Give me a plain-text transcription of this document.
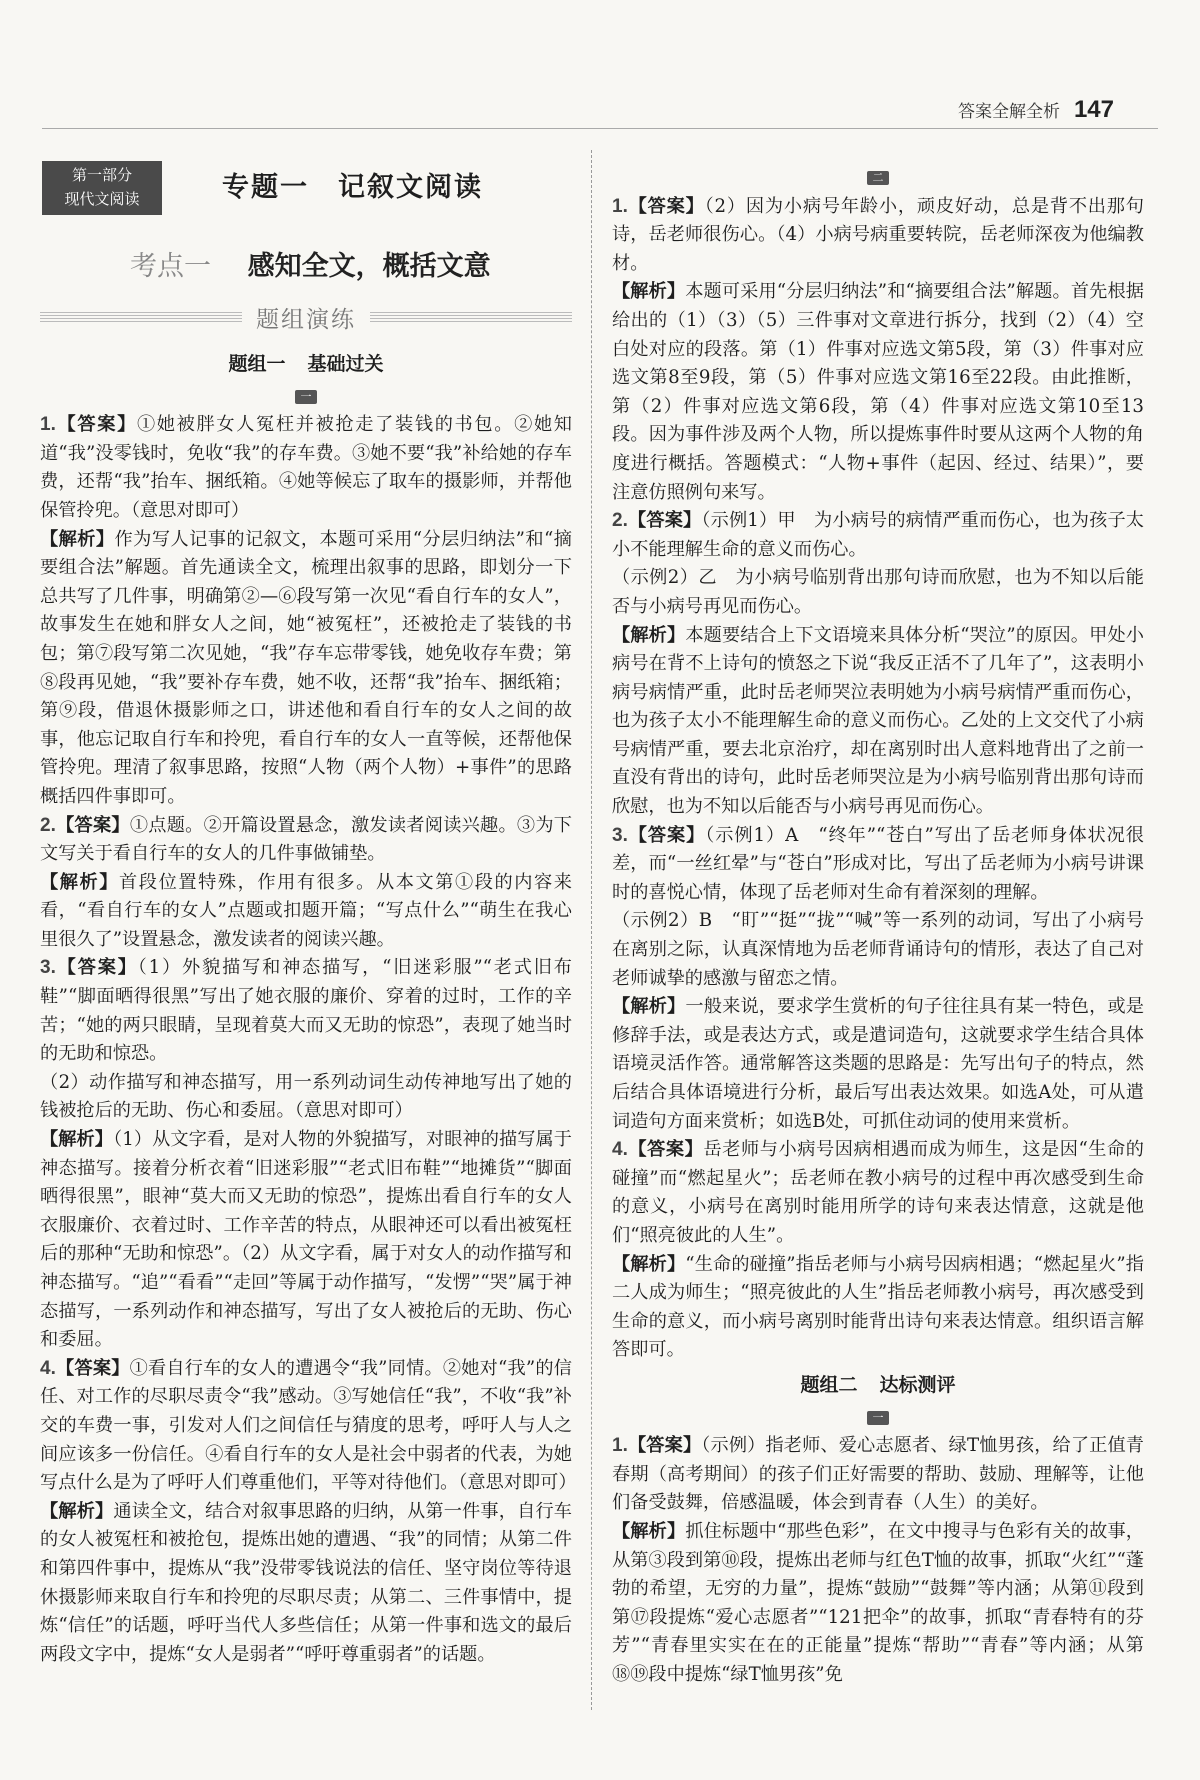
答案全解全析 147
第一部分
现代文阅读	专题一　记叙文阅读
考点一 感知全文，概括文意
题组演练
题组一 基础过关
一

1.【答案】①她被胖女人冤枉并被抢走了装钱的书包。②她知道“我”没零钱时，免收“我”的存车费。③她不要“我”补给她的存车费，还帮“我”抬车、捆纸箱。④她等候忘了取车的摄影师，并帮他保管拎兜。（意思对即可）

【解析】作为写人记事的记叙文，本题可采用“分层归纳法”和“摘要组合法”解题。首先通读全文，梳理出叙事的思路，即划分一下总共写了几件事，明确第②—⑥段写第一次见“看自行车的女人”，故事发生在她和胖女人之间，她“被冤枉”，还被抢走了装钱的书包；第⑦段写第二次见她，“我”存车忘带零钱，她免收存车费；第⑧段再见她，“我”要补存车费，她不收，还帮“我”抬车、捆纸箱；第⑨段，借退休摄影师之口，讲述他和看自行车的女人之间的故事，他忘记取自行车和拎兜，看自行车的女人一直等候，还帮他保管拎兜。理清了叙事思路，按照“人物（两个人物）+事件”的思路概括四件事即可。

2.【答案】①点题。②开篇设置悬念，激发读者阅读兴趣。③为下文写关于看自行车的女人的几件事做铺垫。

【解析】首段位置特殊，作用有很多。从本文第①段的内容来看，“看自行车的女人”点题或扣题开篇；“写点什么”“萌生在我心里很久了”设置悬念，激发读者的阅读兴趣。

3.【答案】（1）外貌描写和神态描写，“旧迷彩服”“老式旧布鞋”“脚面晒得很黑”写出了她衣服的廉价、穿着的过时，工作的辛苦；“她的两只眼睛，呈现着莫大而又无助的惊恐”，表现了她当时的无助和惊恐。

（2）动作描写和神态描写，用一系列动词生动传神地写出了她的钱被抢后的无助、伤心和委屈。（意思对即可）

【解析】（1）从文字看，是对人物的外貌描写，对眼神的描写属于神态描写。接着分析衣着“旧迷彩服”“老式旧布鞋”“地摊货”“脚面晒得很黑”，眼神“莫大而又无助的惊恐”，提炼出看自行车的女人衣服廉价、衣着过时、工作辛苦的特点，从眼神还可以看出被冤枉后的那种“无助和惊恐”。（2）从文字看，属于对女人的动作描写和神态描写。“追”“看看”“走回”等属于动作描写，“发愣”“哭”属于神态描写，一系列动作和神态描写，写出了女人被抢后的无助、伤心和委屈。

4.【答案】①看自行车的女人的遭遇令“我”同情。②她对“我”的信任、对工作的尽职尽责令“我”感动。③写她信任“我”，不收“我”补交的车费一事，引发对人们之间信任与猜度的思考，呼吁人与人之间应该多一份信任。④看自行车的女人是社会中弱者的代表，为她写点什么是为了呼吁人们尊重他们，平等对待他们。（意思对即可）

【解析】通读全文，结合对叙事思路的归纳，从第一件事，自行车的女人被冤枉和被抢包，提炼出她的遭遇、“我”的同情；从第二件和第四件事中，提炼从“我”没带零钱说法的信任、坚守岗位等待退休摄影师来取自行车和拎兜的尽职尽责；从第二、三件事情中，提炼“信任”的话题，呼吁当代人多些信任；从第一件事和选文的最后两段文字中，提炼“女人是弱者”“呼吁尊重弱者”的话题。

二

1.【答案】（2）因为小病号年龄小，顽皮好动，总是背不出那句诗，岳老师很伤心。（4）小病号病重要转院，岳老师深夜为他编教材。

【解析】本题可采用“分层归纳法”和“摘要组合法”解题。首先根据给出的（1）（3）（5）三件事对文章进行拆分，找到（2）（4）空白处对应的段落。第（1）件事对应选文第5段，第（3）件事对应选文第8至9段，第（5）件事对应选文第16至22段。由此推断，第（2）件事对应选文第6段，第（4）件事对应选文第10至13段。因为事件涉及两个人物，所以提炼事件时要从这两个人物的角度进行概括。答题模式：“人物+事件（起因、经过、结果）”，要注意仿照例句来写。

2.【答案】（示例1）甲　为小病号的病情严重而伤心，也为孩子太小不能理解生命的意义而伤心。

（示例2）乙　为小病号临别背出那句诗而欣慰，也为不知以后能否与小病号再见而伤心。

【解析】本题要结合上下文语境来具体分析“哭泣”的原因。甲处小病号在背不上诗句的愤怒之下说“我反正活不了几年了”，这表明小病号病情严重，此时岳老师哭泣表明她为小病号病情严重而伤心，也为孩子太小不能理解生命的意义而伤心。乙处的上文交代了小病号病情严重，要去北京治疗，却在离别时出人意料地背出了之前一直没有背出的诗句，此时岳老师哭泣是为小病号临别背出那句诗而欣慰，也为不知以后能否与小病号再见而伤心。

3.【答案】（示例1）A　“终年”“苍白”写出了岳老师身体状况很差，而“一丝红晕”与“苍白”形成对比，写出了岳老师为小病号讲课时的喜悦心情，体现了岳老师对生命有着深刻的理解。

（示例2）B　“盯”“挺”“拢”“喊”等一系列的动词，写出了小病号在离别之际，认真深情地为岳老师背诵诗句的情形，表达了自己对老师诚挚的感激与留恋之情。

【解析】一般来说，要求学生赏析的句子往往具有某一特色，或是修辞手法，或是表达方式，或是遣词造句，这就要求学生结合具体语境灵活作答。通常解答这类题的思路是：先写出句子的特点，然后结合具体语境进行分析，最后写出表达效果。如选A处，可从遣词造句方面来赏析；如选B处，可抓住动词的使用来赏析。

4.【答案】岳老师与小病号因病相遇而成为师生，这是因“生命的碰撞”而“燃起星火”；岳老师在教小病号的过程中再次感受到生命的意义，小病号在离别时能用所学的诗句来表达情意，这就是他们“照亮彼此的人生”。

【解析】“生命的碰撞”指岳老师与小病号因病相遇；“燃起星火”指二人成为师生；“照亮彼此的人生”指岳老师教小病号，再次感受到生命的意义，而小病号离别时能背出诗句来表达情意。组织语言解答即可。

题组二 达标测评
一

1.【答案】（示例）指老师、爱心志愿者、绿T恤男孩，给了正值青春期（高考期间）的孩子们正好需要的帮助、鼓励、理解等，让他们备受鼓舞，倍感温暖，体会到青春（人生）的美好。

【解析】抓住标题中“那些色彩”，在文中搜寻与色彩有关的故事，从第③段到第⑩段，提炼出老师与红色T恤的故事，抓取“火红”“蓬勃的希望，无穷的力量”，提炼“鼓励”“鼓舞”等内涵；从第⑪段到第⑰段提炼“爱心志愿者”“121把伞”的故事，抓取“青春特有的芬芳”“青春里实实在在的正能量”提炼“帮助”“青春”等内涵；从第⑱⑲段中提炼“绿T恤男孩”免
